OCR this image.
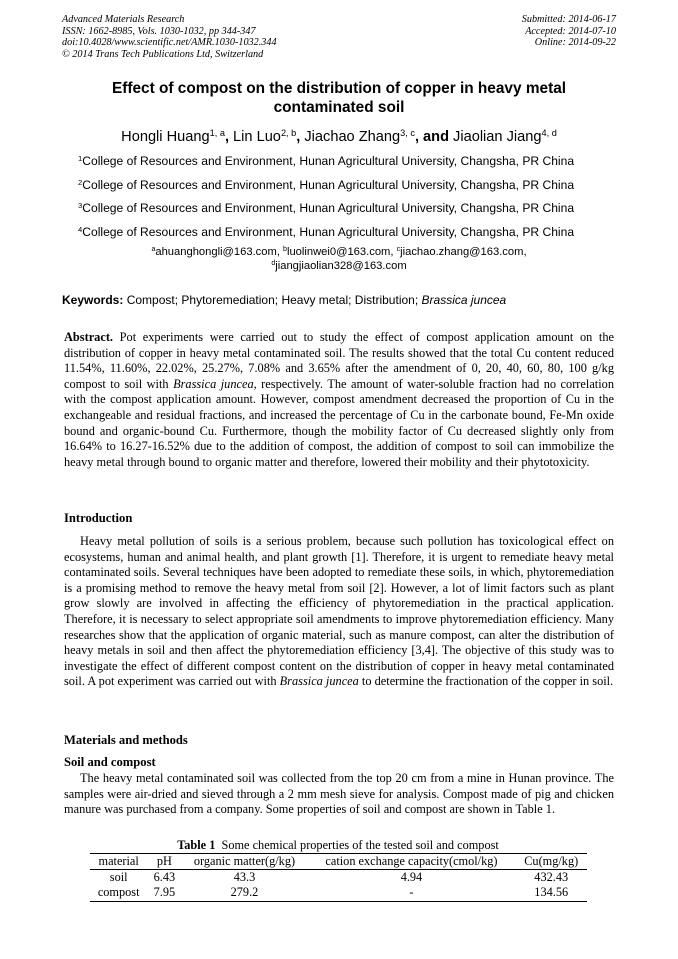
Advanced Materials Research
ISSN: 1662-8985, Vols. 1030-1032, pp 344-347
doi:10.4028/www.scientific.net/AMR.1030-1032.344
© 2014 Trans Tech Publications Ltd, Switzerland
Submitted: 2014-06-17
Accepted: 2014-07-10
Online: 2014-09-22
Effect of compost on the distribution of copper in heavy metal
contaminated soil
Hongli Huang$^{1, a}$, Lin Luo$^{2, b}$, Jiachao Zhang$^{3, c}$, and Jiaolian Jiang$^{4, d}$
$^1$College of Resources and Environment, Hunan Agricultural University, Changsha, PR China
$^2$College of Resources and Environment, Hunan Agricultural University, Changsha, PR China
$^3$College of Resources and Environment, Hunan Agricultural University, Changsha, PR China
$^4$College of Resources and Environment, Hunan Agricultural University, Changsha, PR China
$^a$ahuanghongli@163.com, $^b$luolinwei0@163.com, $^c$jiachao.zhang@163.com,
$^d$jiangjiaolian328@163.com
Keywords: Compost; Phytoremediation; Heavy metal; Distribution; Brassica juncea
Abstract. Pot experiments were carried out to study the effect of compost application amount on the distribution of copper in heavy metal contaminated soil. The results showed that the total Cu content reduced 11.54%, 11.60%, 22.02%, 25.27%, 7.08% and 3.65% after the amendment of 0, 20, 40, 60, 80, 100 g/kg compost to soil with Brassica juncea, respectively. The amount of water-soluble fraction had no correlation with the compost application amount. However, compost amendment decreased the proportion of Cu in the exchangeable and residual fractions, and increased the percentage of Cu in the carbonate bound, Fe-Mn oxide bound and organic-bound Cu. Furthermore, though the mobility factor of Cu decreased slightly only from 16.64% to 16.27-16.52% due to the addition of compost, the addition of compost to soil can immobilize the heavy metal through bound to organic matter and therefore, lowered their mobility and their phytotoxicity.
Introduction
Heavy metal pollution of soils is a serious problem, because such pollution has toxicological effect on ecosystems, human and animal health, and plant growth [1]. Therefore, it is urgent to remediate heavy metal contaminated soils. Several techniques have been adopted to remediate these soils, in which, phytoremediation is a promising method to remove the heavy metal from soil [2]. However, a lot of limit factors such as plant grow slowly are involved in affecting the efficiency of phytoremediation in the practical application. Therefore, it is necessary to select appropriate soil amendments to improve phytoremediation efficiency. Many researches show that the application of organic material, such as manure compost, can alter the distribution of heavy metals in soil and then affect the phytoremediation efficiency [3,4]. The objective of this study was to investigate the effect of different compost content on the distribution of copper in heavy metal contaminated soil. A pot experiment was carried out with Brassica juncea to determine the fractionation of the copper in soil.
Materials and methods
Soil and compost
The heavy metal contaminated soil was collected from the top 20 cm from a mine in Hunan province. The samples were air-dried and sieved through a 2 mm mesh sieve for analysis. Compost made of pig and chicken manure was purchased from a company. Some properties of soil and compost are shown in Table 1.
Table 1  Some chemical properties of the tested soil and compost
material	pH	organic matter(g/kg)	cation exchange capacity(cmol/kg)	Cu(mg/kg)
soil	6.43	43.3	4.94	432.43
compost	7.95	279.2	-	134.56
